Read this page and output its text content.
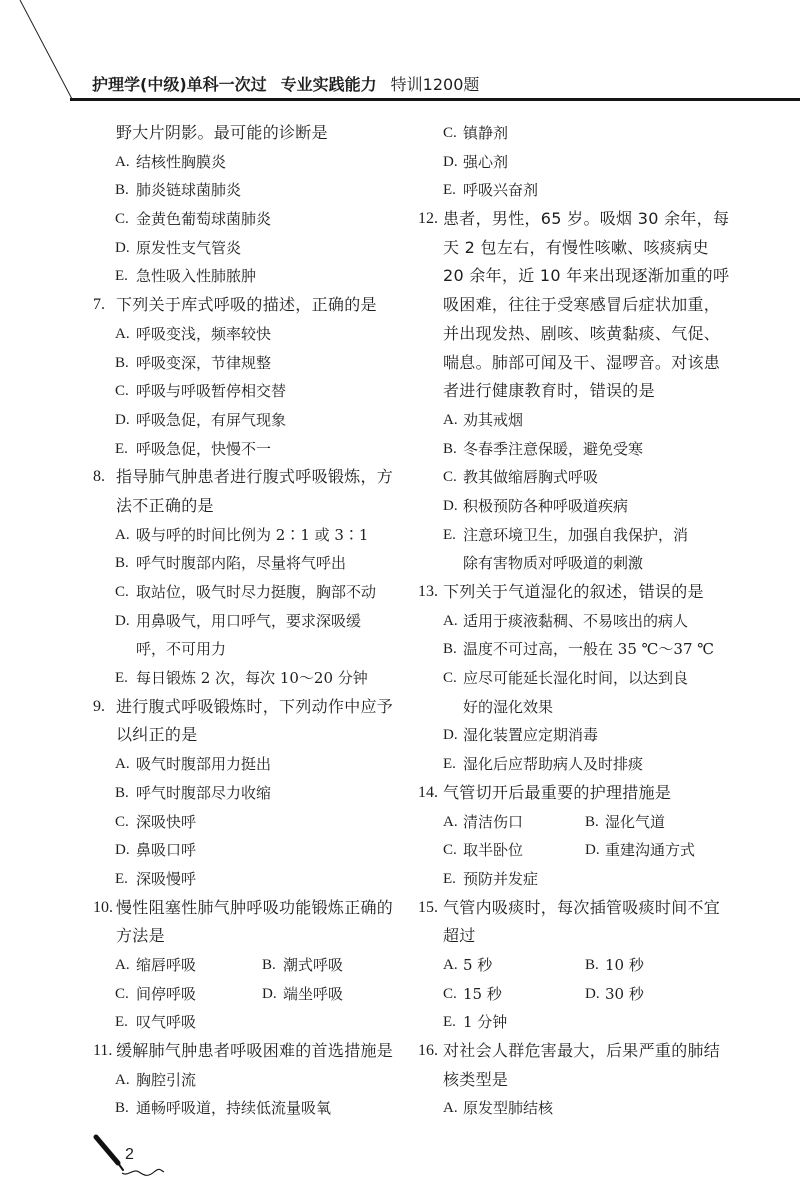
护理学(中级)单科一次过 专业实践能力 特训1200题
野大片阴影。最可能的诊断是
A. 结核性胸膜炎
B. 肺炎链球菌肺炎
C. 金黄色葡萄球菌肺炎
D. 原发性支气管炎
E. 急性吸入性肺脓肿
7. 下列关于库式呼吸的描述，正确的是
A. 呼吸变浅，频率较快
B. 呼吸变深，节律规整
C. 呼吸与呼吸暂停相交替
D. 呼吸急促，有屏气现象
E. 呼吸急促，快慢不一
8. 指导肺气肿患者进行腹式呼吸锻炼，方
法不正确的是
A. 吸与呼的时间比例为 2∶1 或 3∶1
B. 呼气时腹部内陷，尽量将气呼出
C. 取站位，吸气时尽力挺腹，胸部不动
D. 用鼻吸气，用口呼气，要求深吸缓
呼，不可用力
E. 每日锻炼 2 次，每次 10～20 分钟
9. 进行腹式呼吸锻炼时，下列动作中应予
以纠正的是
A. 吸气时腹部用力挺出
B. 呼气时腹部尽力收缩
C. 深吸快呼
D. 鼻吸口呼
E. 深吸慢呼
10. 慢性阻塞性肺气肿呼吸功能锻炼正确的
方法是
A. 缩唇呼吸	B. 潮式呼吸
C. 间停呼吸	D. 端坐呼吸
E. 叹气呼吸
11. 缓解肺气肿患者呼吸困难的首选措施是
A. 胸腔引流
B. 通畅呼吸道，持续低流量吸氧
C. 镇静剂
D. 强心剂
E. 呼吸兴奋剂
12. 患者，男性，65 岁。吸烟 30 余年，每
天 2 包左右，有慢性咳嗽、咳痰病史
20 余年，近 10 年来出现逐渐加重的呼
吸困难，往往于受寒感冒后症状加重，
并出现发热、剧咳、咳黄黏痰、气促、
喘息。肺部可闻及干、湿啰音。对该患
者进行健康教育时，错误的是
A. 劝其戒烟
B. 冬春季注意保暖，避免受寒
C. 教其做缩唇胸式呼吸
D. 积极预防各种呼吸道疾病
E. 注意环境卫生，加强自我保护，消
除有害物质对呼吸道的刺激
13. 下列关于气道湿化的叙述，错误的是
A. 适用于痰液黏稠、不易咳出的病人
B. 温度不可过高，一般在 35 ℃～37 ℃
C. 应尽可能延长湿化时间，以达到良
好的湿化效果
D. 湿化装置应定期消毒
E. 湿化后应帮助病人及时排痰
14. 气管切开后最重要的护理措施是
A. 清洁伤口	B. 湿化气道
C. 取半卧位	D. 重建沟通方式
E. 预防并发症
15. 气管内吸痰时，每次插管吸痰时间不宜
超过
A. 5 秒	B. 10 秒
C. 15 秒	D. 30 秒
E. 1 分钟
16. 对社会人群危害最大，后果严重的肺结
核类型是
A. 原发型肺结核
2
